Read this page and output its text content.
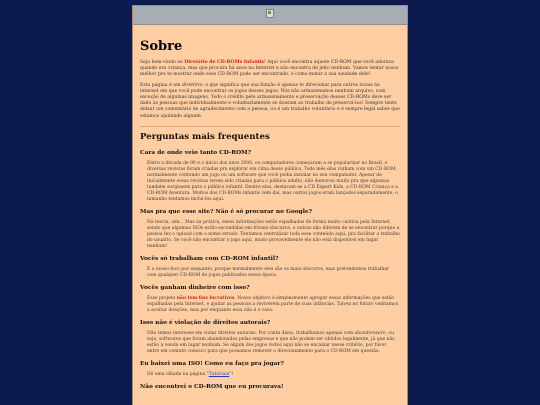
Sobre

Seja bem-vindo ao Diretório de CD-ROMs Infantis! Aqui você encontra aquele CD-ROM que você adorava quando era criança, mas que procura há anos na Internet e não encontra de jeito nenhum. Vamos tentar nosso melhor pra te mostrar onde esse CD-ROM pode ser encontrado, e como matar a sua saudade dele!

Esta página é um diretório, o que significa que sua função é apenas te direcionar para outros locais na internet em que você pode encontrar os jogos desses jogos. Nós não armazenamos nenhum arquivo, com exceção de algumas imagens. Todo o crédito pelo armazenamento e preservação desses CD-ROMs deve ser dado às pessoas que individualmente e voluntariamente se doaram ao trabalho de preservá-los! Sempre tente deixar um comentário de agradecimento com a pessoa, ou é um trabalho voluntário e é sempre legal saber que estamos ajudando alguém.

Perguntas mais frequentes
Cara de onde veio tanto CD-ROM?

Entre a década de 90 e o início dos anos 2000, os computadores começaram a se popularizar no Brasil, e diversas revistas foram criadas pra explorar em cima desse público. Todo mês elas vinham com um CD-ROM, normalmente contendo um jogo ou um software que você podia instalar no seu computador. Apesar de inicialmente essas revistas terem sido criadas para o público adulto, não demorou muito pra que algumas também surgissem para o público infantil. Dentre elas, destacam-se a CD Expert Kids, a CD-ROM Criança e a CD-ROM Aventura. Muitos dos CD-ROMs infantis vem daí, mas outros jogos eram lançados separadamente, o tamanho tentamos incluí-los aqui.

Mas pra que esse site? Não é só procurar no Google?

Na teoria, sim... Mas na prática, esses informações estão espalhadas de forma muito caótica pela Internet, sendo que algumas ISOs estão escondidas em fóruns obscuros, e outras não diferem de se encontrar porque a pessoa fez o upload com o nome errado. Tentamos centralizar toda esse conteúdo aqui, pra facilitar a trabalho do usuário. Se você não encontrar o jogo aqui, muito provavelmente ele não está disponível em lugar nenhum!

Vocês só trabalham com CD-ROM infantil?

É o nosso foco por enquanto, porque normalmente eles são os mais obscuros, mas pretendemos trabalhar com qualquer CD-ROM de jogos publicados nessa época.

Vocês ganham dinheiro com isso?

Esse projeto não tem fins lucrativos. Nosso objetivo é simplesmente agregar essas informações que estão espalhadas pela Internet, e ajudar as pessoas a reviverem parte de suas infâncias. Talvez no futuro venhamos a aceitar doações, mas por enquanto essa não é o caso.

Isso não é violação de direitos autorais?

Não temos interesse em violar direitos autorais. Por conta disso, trabalhamos apenas com abandonware, ou seja, softwares que foram abandonados pelas empresas e que não podem ser obtidos legalmente, já que não estão à venda em lugar nenhum. Se algum dos jogos vistos aqui não se encaixar nesse critério, por favor entre em contato conosco para que possamos remover o direcionamento para o CD-ROM em questão.

Eu baixei uma ISO! Como eu faço pra jogar?

Dê uma olhada na página "Tutoriais"!

Não encontrei o CD-ROM que eu procurava!
